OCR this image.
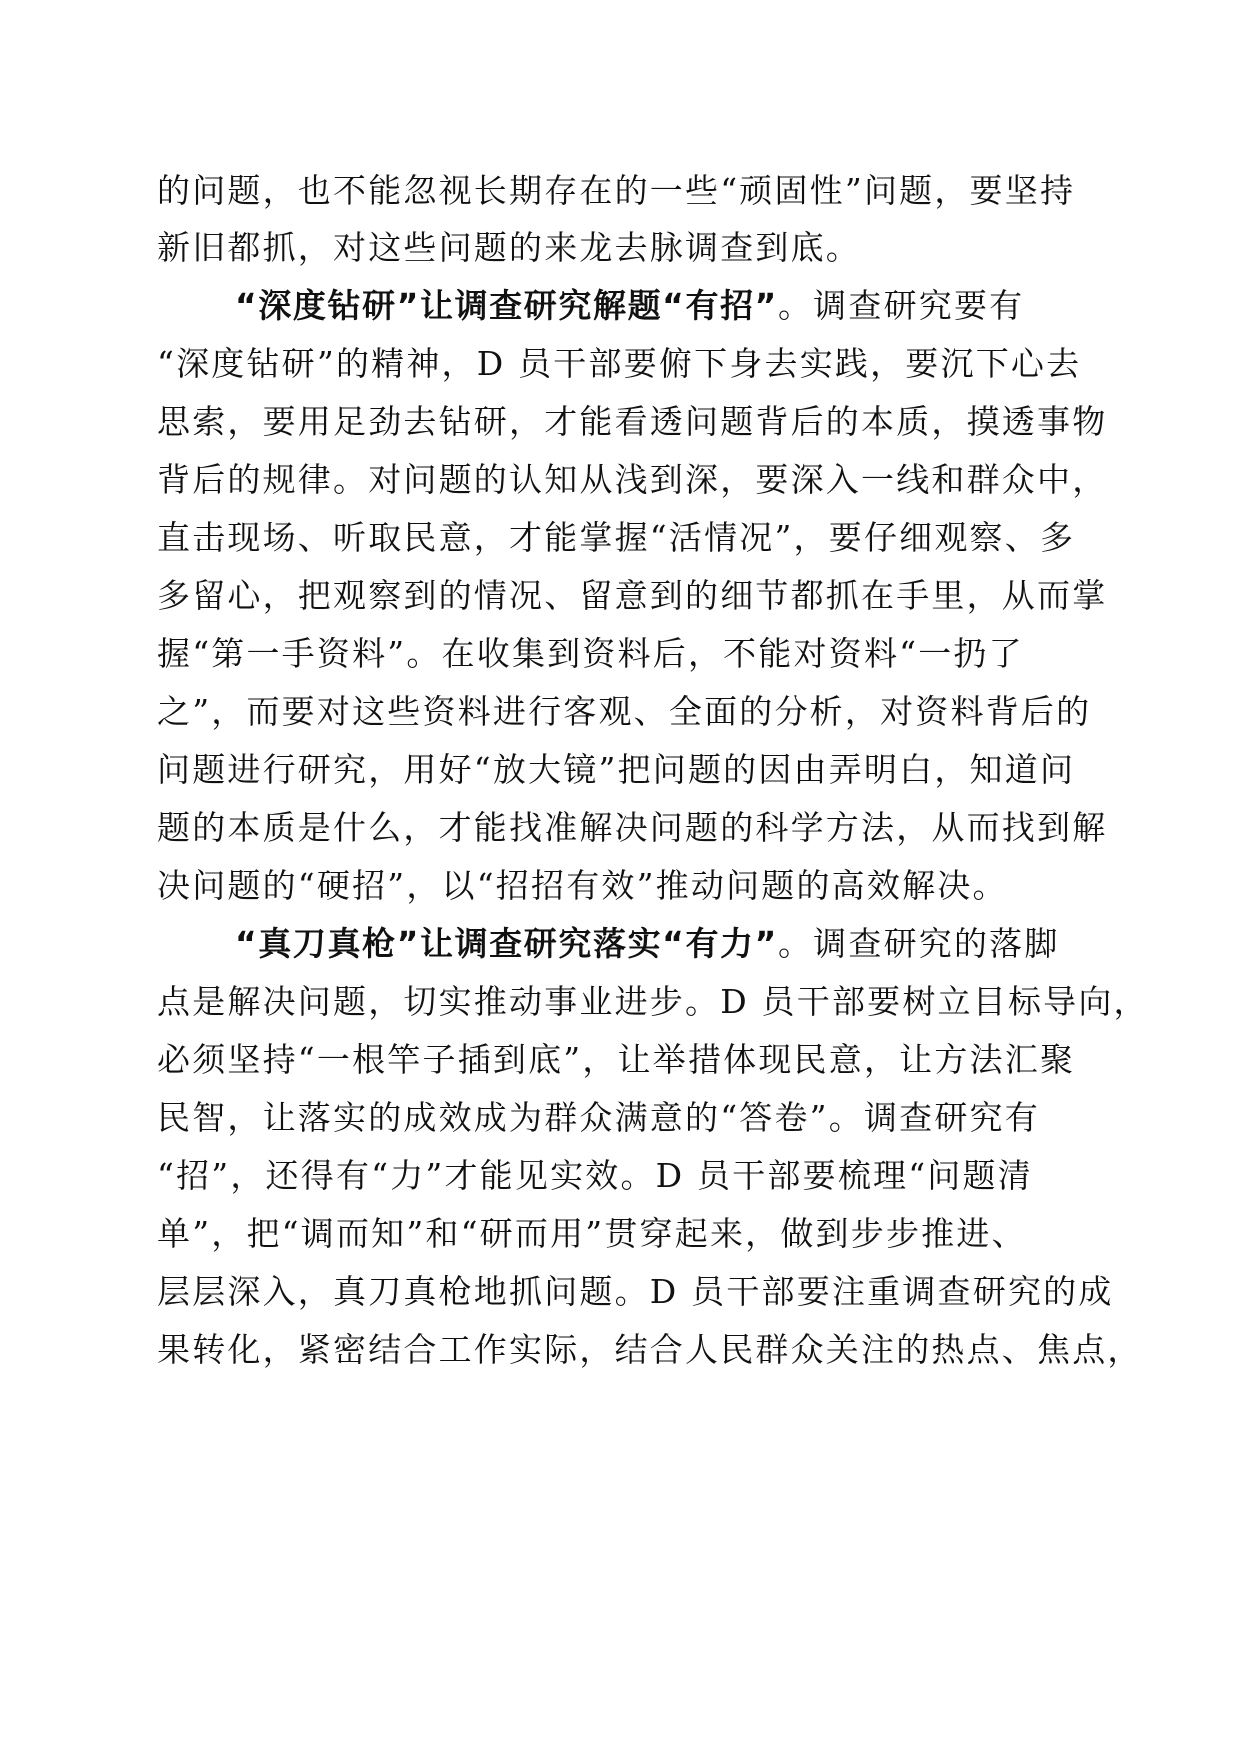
的问题，也不能忽视长期存在的一些“顽固性”问题，要坚持
新旧都抓，对这些问题的来龙去脉调查到底。
“深度钻研”让调查研究解题“有招”。调查研究要有
“深度钻研”的精神，D 员干部要俯下身去实践，要沉下心去
思索，要用足劲去钻研，才能看透问题背后的本质，摸透事物
背后的规律。对问题的认知从浅到深，要深入一线和群众中，
直击现场、听取民意，才能掌握“活情况”，要仔细观察、多
多留心，把观察到的情况、留意到的细节都抓在手里，从而掌
握“第一手资料”。在收集到资料后，不能对资料“一扔了
之”，而要对这些资料进行客观、全面的分析，对资料背后的
问题进行研究，用好“放大镜”把问题的因由弄明白，知道问
题的本质是什么，才能找准解决问题的科学方法，从而找到解
决问题的“硬招”，以“招招有效”推动问题的高效解决。
“真刀真枪”让调查研究落实“有力”。调查研究的落脚
点是解决问题，切实推动事业进步。D 员干部要树立目标导向，
必须坚持“一根竿子插到底”，让举措体现民意，让方法汇聚
民智，让落实的成效成为群众满意的“答卷”。调查研究有
“招”，还得有“力”才能见实效。D 员干部要梳理“问题清
单”，把“调而知”和“研而用”贯穿起来，做到步步推进、
层层深入，真刀真枪地抓问题。D 员干部要注重调查研究的成
果转化，紧密结合工作实际，结合人民群众关注的热点、焦点，
